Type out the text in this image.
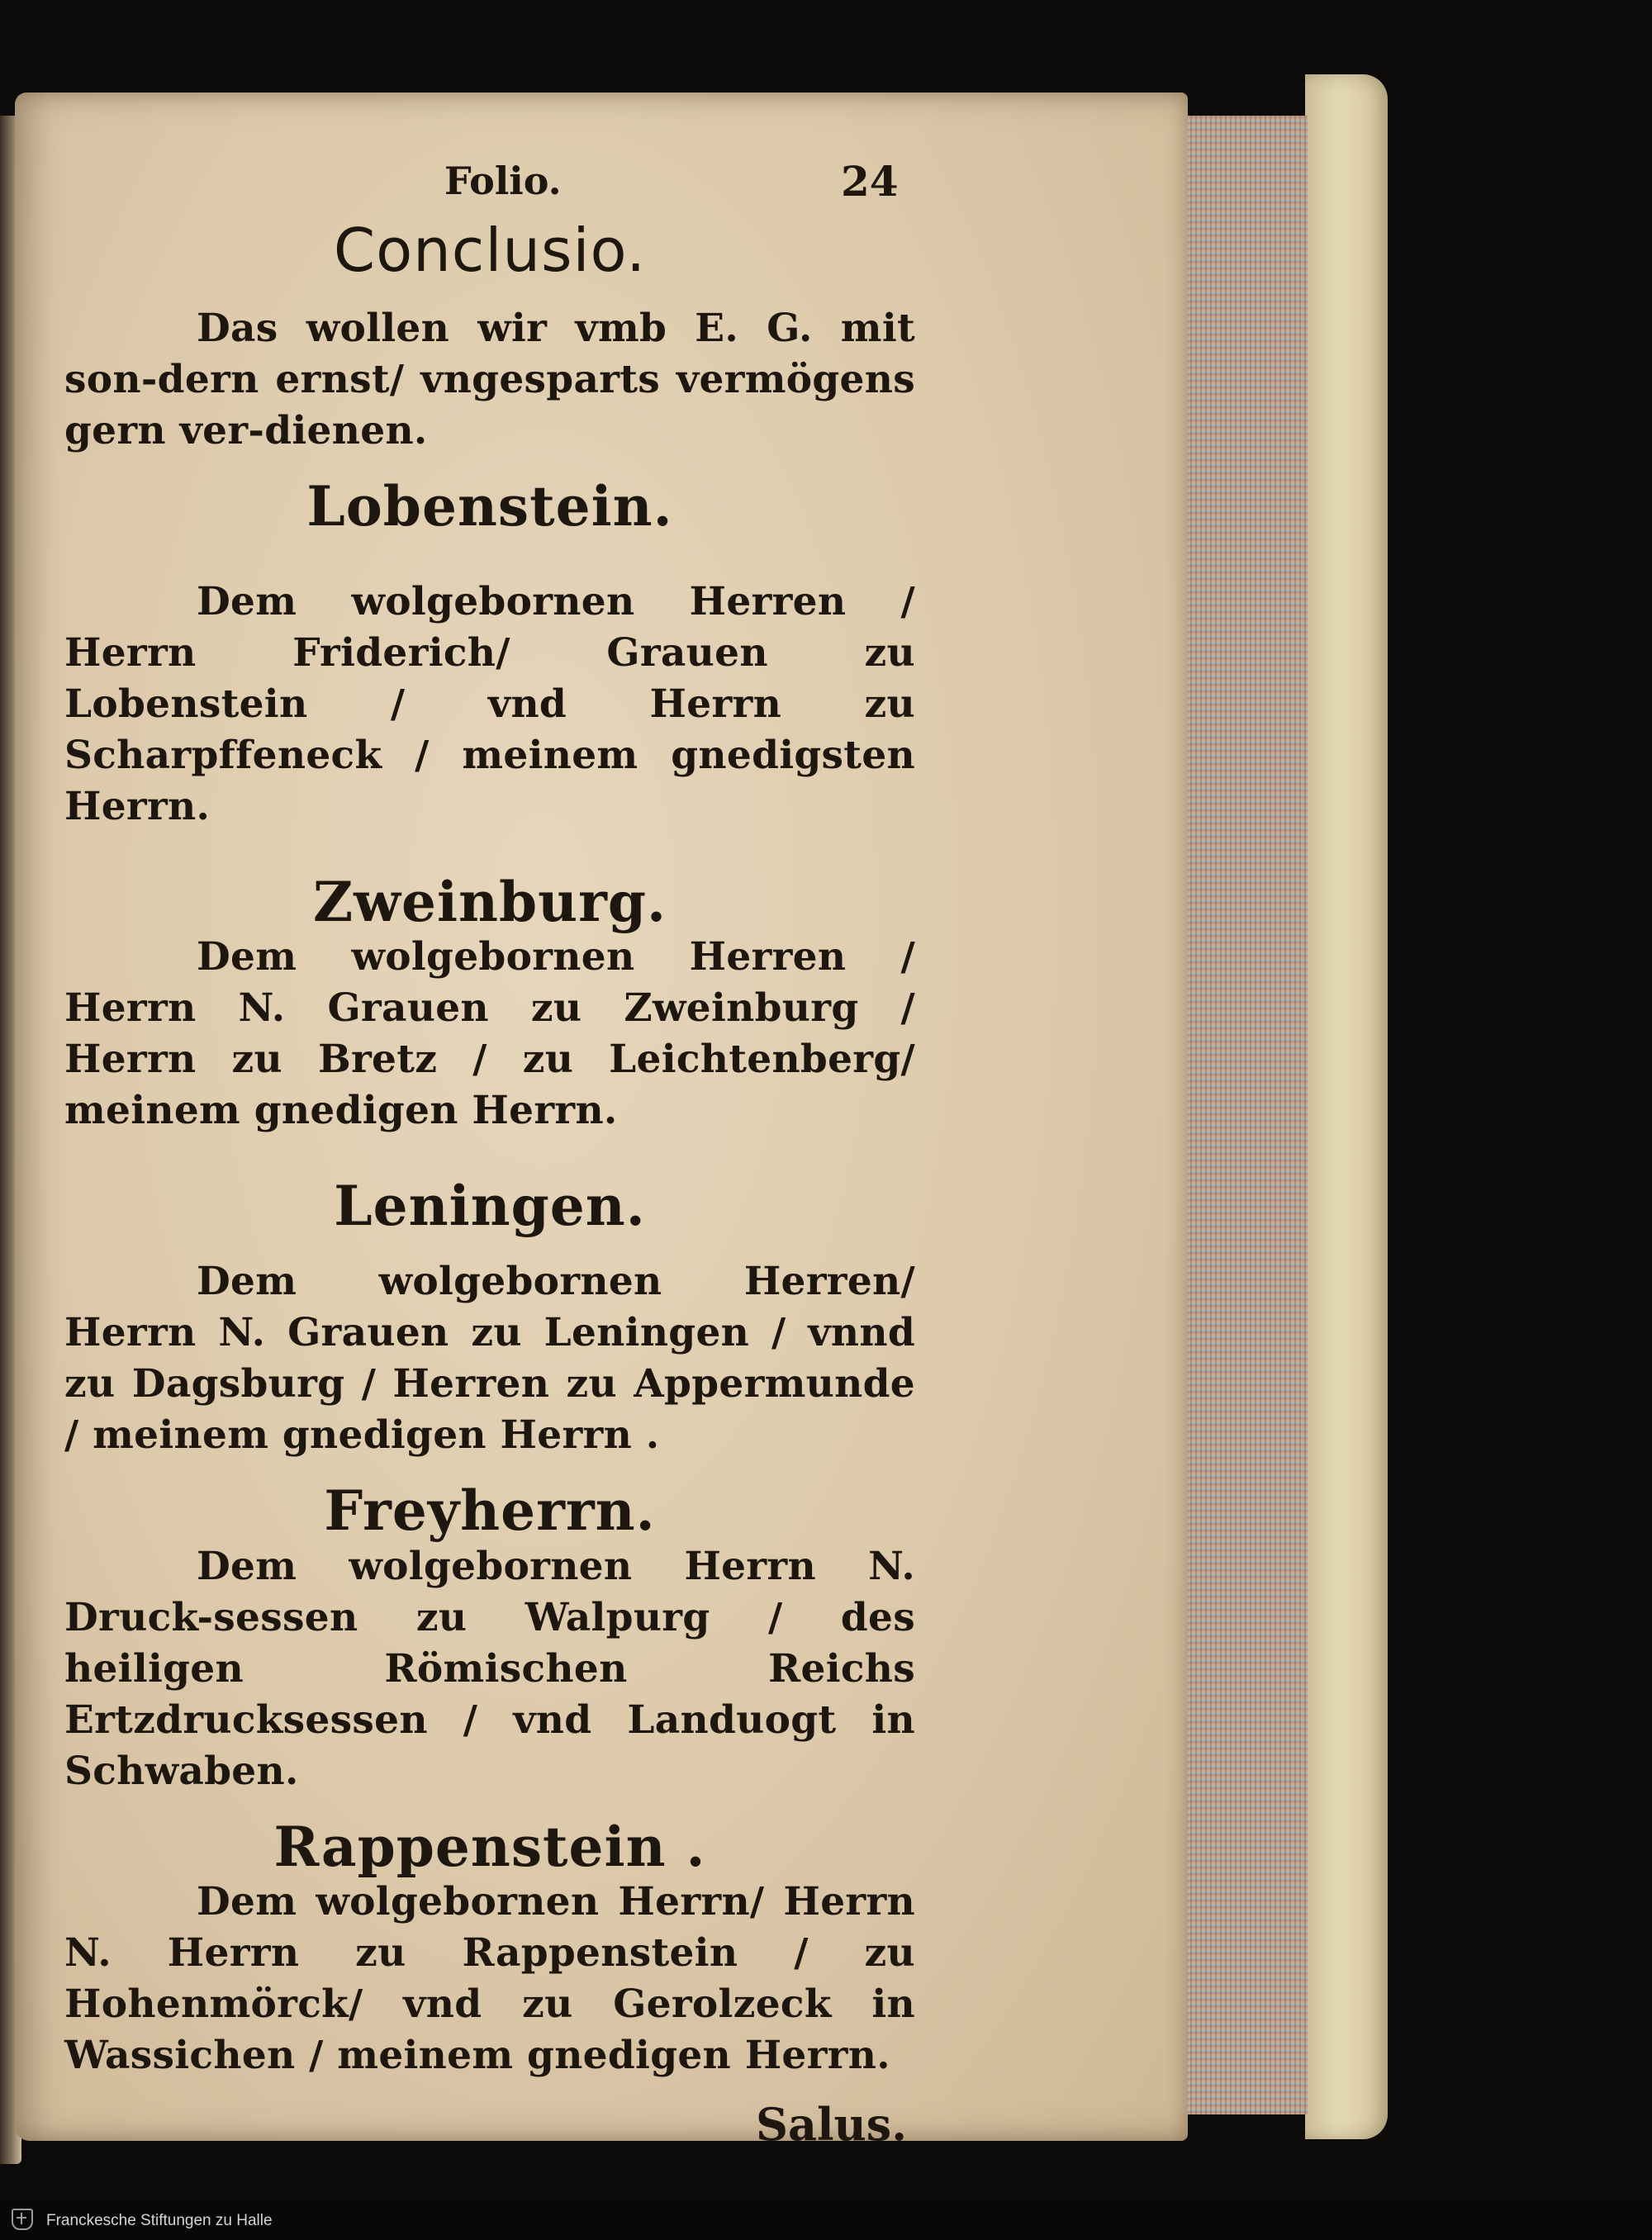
Folio.	24
Conclusio.

Das wollen wir vmb E. G. mit son-dern ernst/ vngesparts vermögens gern ver-dienen.

Lobenstein.

Dem wolgebornen Herren / Herrn Friderich/ Grauen zu Lobenstein / vnd Herrn zu Scharpffeneck / meinem gnedigsten Herrn.

Zweinburg.

Dem wolgebornen Herren / Herrn N. Grauen zu Zweinburg / Herrn zu Bretz / zu Leichtenberg/ meinem gnedigen Herrn.

Leningen.

Dem wolgebornen Herren/ Herrn N. Grauen zu Leningen / vnnd zu Dagsburg / Herren zu Appermunde / meinem gnedigen Herrn .

Freyherrn.

Dem wolgebornen Herrn N. Druck-sessen zu Walpurg / des heiligen Römischen Reichs Ertzdrucksessen / vnd Landuogt in Schwaben.

Rappenstein .

Dem wolgebornen Herrn/ Herrn N. Herrn zu Rappenstein / zu Hohenmörck/ vnd zu Gerolzeck in Wassichen / meinem gnedigen Herrn.

Salus.
Franckesche Stiftungen zu Halle
